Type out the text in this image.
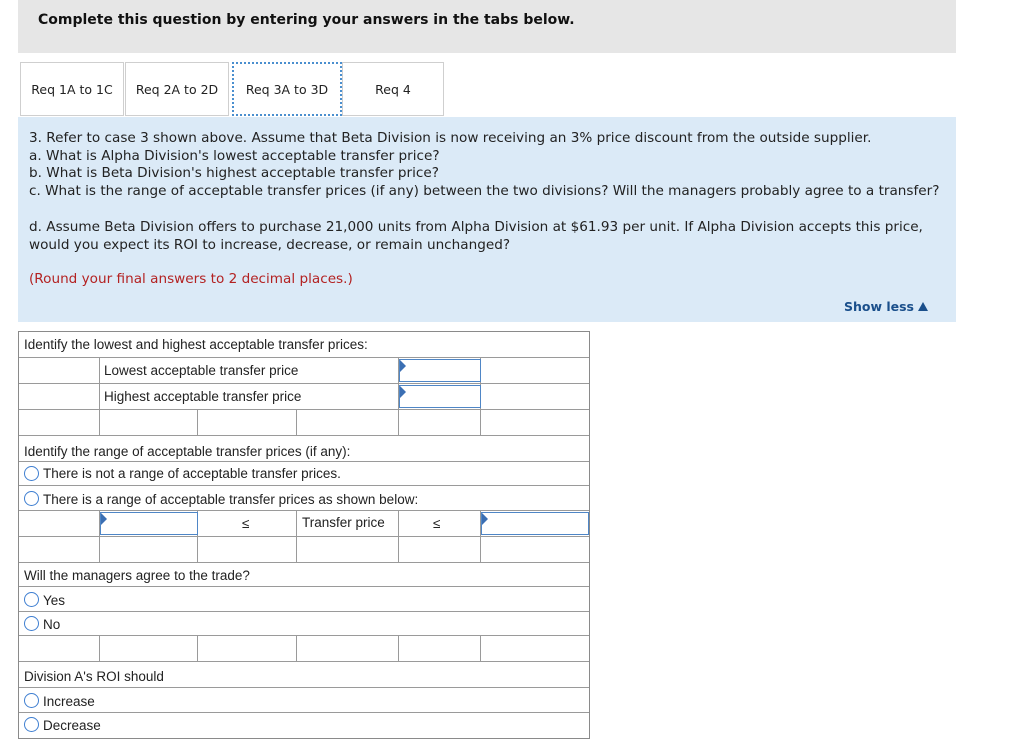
Complete this question by entering your answers in the tabs below.
Req 1A to 1C	Req 2A to 2D	Req 3A to 3D	Req 4

3. Refer to case 3 shown above. Assume that Beta Division is now receiving an 3% price discount from the outside supplier.

a. What is Alpha Division's lowest acceptable transfer price?

b. What is Beta Division's highest acceptable transfer price?

c. What is the range of acceptable transfer prices (if any) between the two divisions? Will the managers probably agree to a transfer?

d. Assume Beta Division offers to purchase 21,000 units from Alpha Division at $61.93 per unit. If Alpha Division accepts this price, would you expect its ROI to increase, decrease, or remain unchanged?

(Round your final answers to 2 decimal places.)

Show less
Identify the lowest and highest acceptable transfer prices:
Lowest acceptable transfer price
Highest acceptable transfer price
Identify the range of acceptable transfer prices (if any):
There is not a range of acceptable transfer prices.
There is a range of acceptable transfer prices as shown below:
≤	Transfer price	≤
Will the managers agree to the trade?
Yes
No
Division A's ROI should
Increase
Decrease
